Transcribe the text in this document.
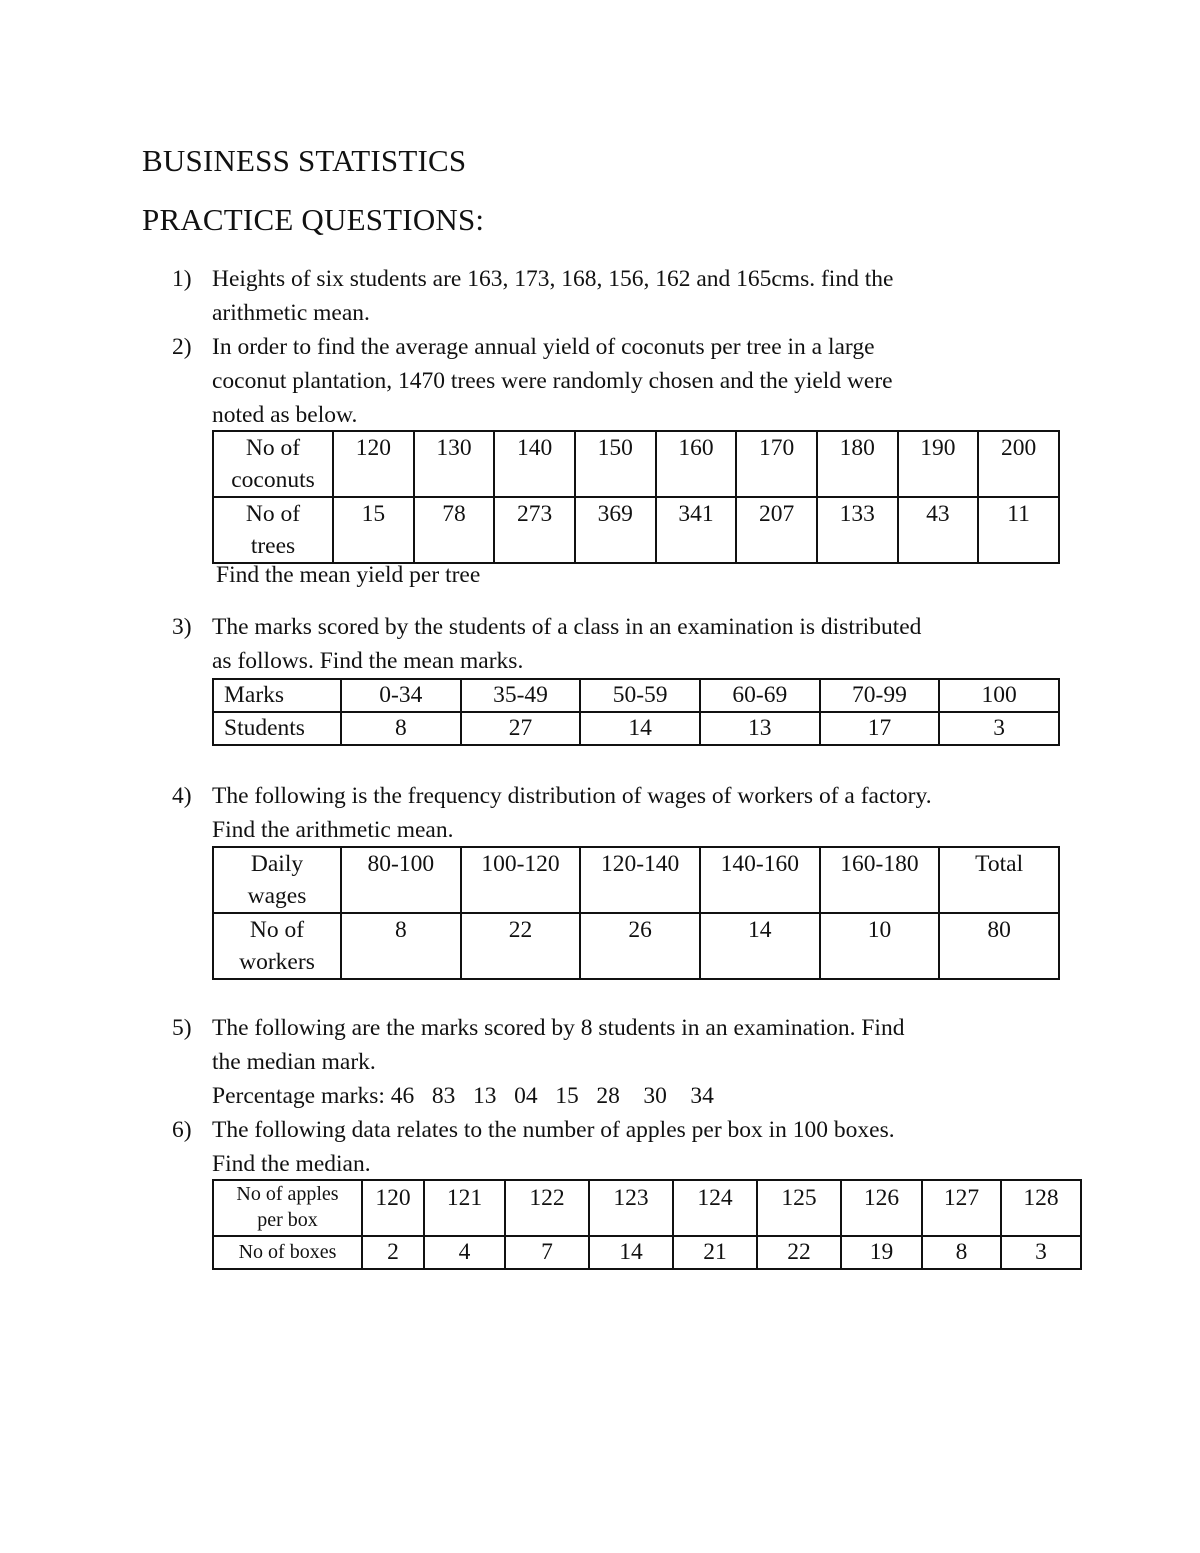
BUSINESS STATISTICS
PRACTICE QUESTIONS:
1) Heights of six students are 163, 173, 168, 156, 162 and 165cms. find the
arithmetic mean.
2) In order to find the average annual yield of coconuts per tree in a large
coconut plantation, 1470 trees were randomly chosen and the yield were
noted as below.
No of
coconuts	120	130	140	150	160	170	180	190	200

No of
trees	15	78	273	369	341	207	133	43	11
Find the mean yield per tree
3) The marks scored by the students of a class in an examination is distributed
as follows. Find the mean marks.
Marks	0-34	35-49	50-59	60-69	70-99	100
Students	8	27	14	13	17	3
4) The following is the frequency distribution of wages of workers of a factory.
Find the arithmetic mean.
Daily
wages	80-100	100-120	120-140	140-160	160-180	Total

No of
workers	8	22	26	14	10	80
5) The following are the marks scored by 8 students in an examination. Find
the median mark.
Percentage marks: 46   83   13   04   15   28    30    34
6) The following data relates to the number of apples per box in 100 boxes.
Find the median.
No of apples
per box	120	121	122	123	124	125	126	127	128
No of boxes	2	4	7	14	21	22	19	8	3
